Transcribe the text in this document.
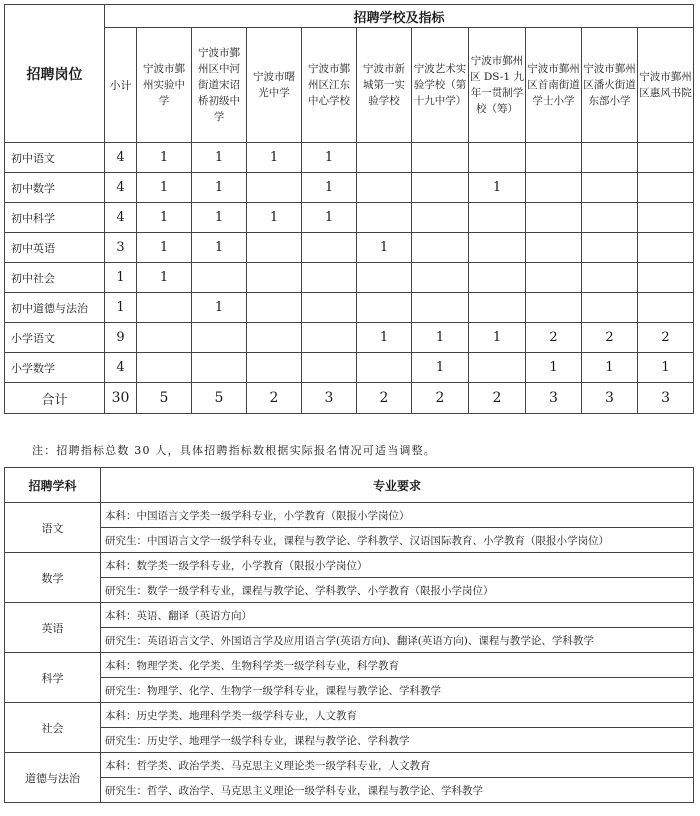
招聘岗位	招聘学校及指标										
	小计	宁波市鄞州实验中学	宁波市鄞州区中河街道宋诏桥初级中学	宁波市曙光中学	宁波市鄞州区江东中心学校	宁波市新城第一实验学校	宁波艺术实验学校（第十九中学）	宁波市鄞州区 DS-1 九年一贯制学校（筹）	宁波市鄞州区首南街道学士小学	宁波市鄞州区潘火街道东部小学	宁波市鄞州区惠风书院
初中语文	4	1	1	1	1						
初中数学	4	1	1		1			1			
初中科学	4	1	1	1	1						
初中英语	3	1	1			1					
初中社会	1	1									
初中道德与法治	1		1								
小学语文	9					1	1	1	2	2	2
小学数学	4						1		1	1	1
合计	30	5	5	2	3	2	2	2	3	3	3
注：招聘指标总数 30 人，具体招聘指标数根据实际报名情况可适当调整。
招聘学科	专业要求
语文	本科：中国语言文学类一级学科专业，小学教育（限报小学岗位）
	研究生：中国语言文学一级学科专业，课程与教学论、学科教学、汉语国际教育、小学教育（限报小学岗位）
数学	本科：数学类一级学科专业，小学教育（限报小学岗位）
	研究生：数学一级学科专业，课程与教学论、学科教学、小学教育（限报小学岗位）
英语	本科：英语、翻译（英语方向）
	研究生：英语语言文学、外国语言学及应用语言学(英语方向)、翻译(英语方向)、课程与教学论、学科教学
科学	本科：物理学类、化学类、生物科学类一级学科专业，科学教育
	研究生：物理学、化学、生物学一级学科专业，课程与教学论、学科教学
社会	本科：历史学类、地理科学类一级学科专业，人文教育
	研究生：历史学、地理学一级学科专业，课程与教学论、学科教学
道德与法治	本科：哲学类、政治学类、马克思主义理论类一级学科专业，人文教育
	研究生：哲学、政治学、马克思主义理论一级学科专业，课程与教学论、学科教学
